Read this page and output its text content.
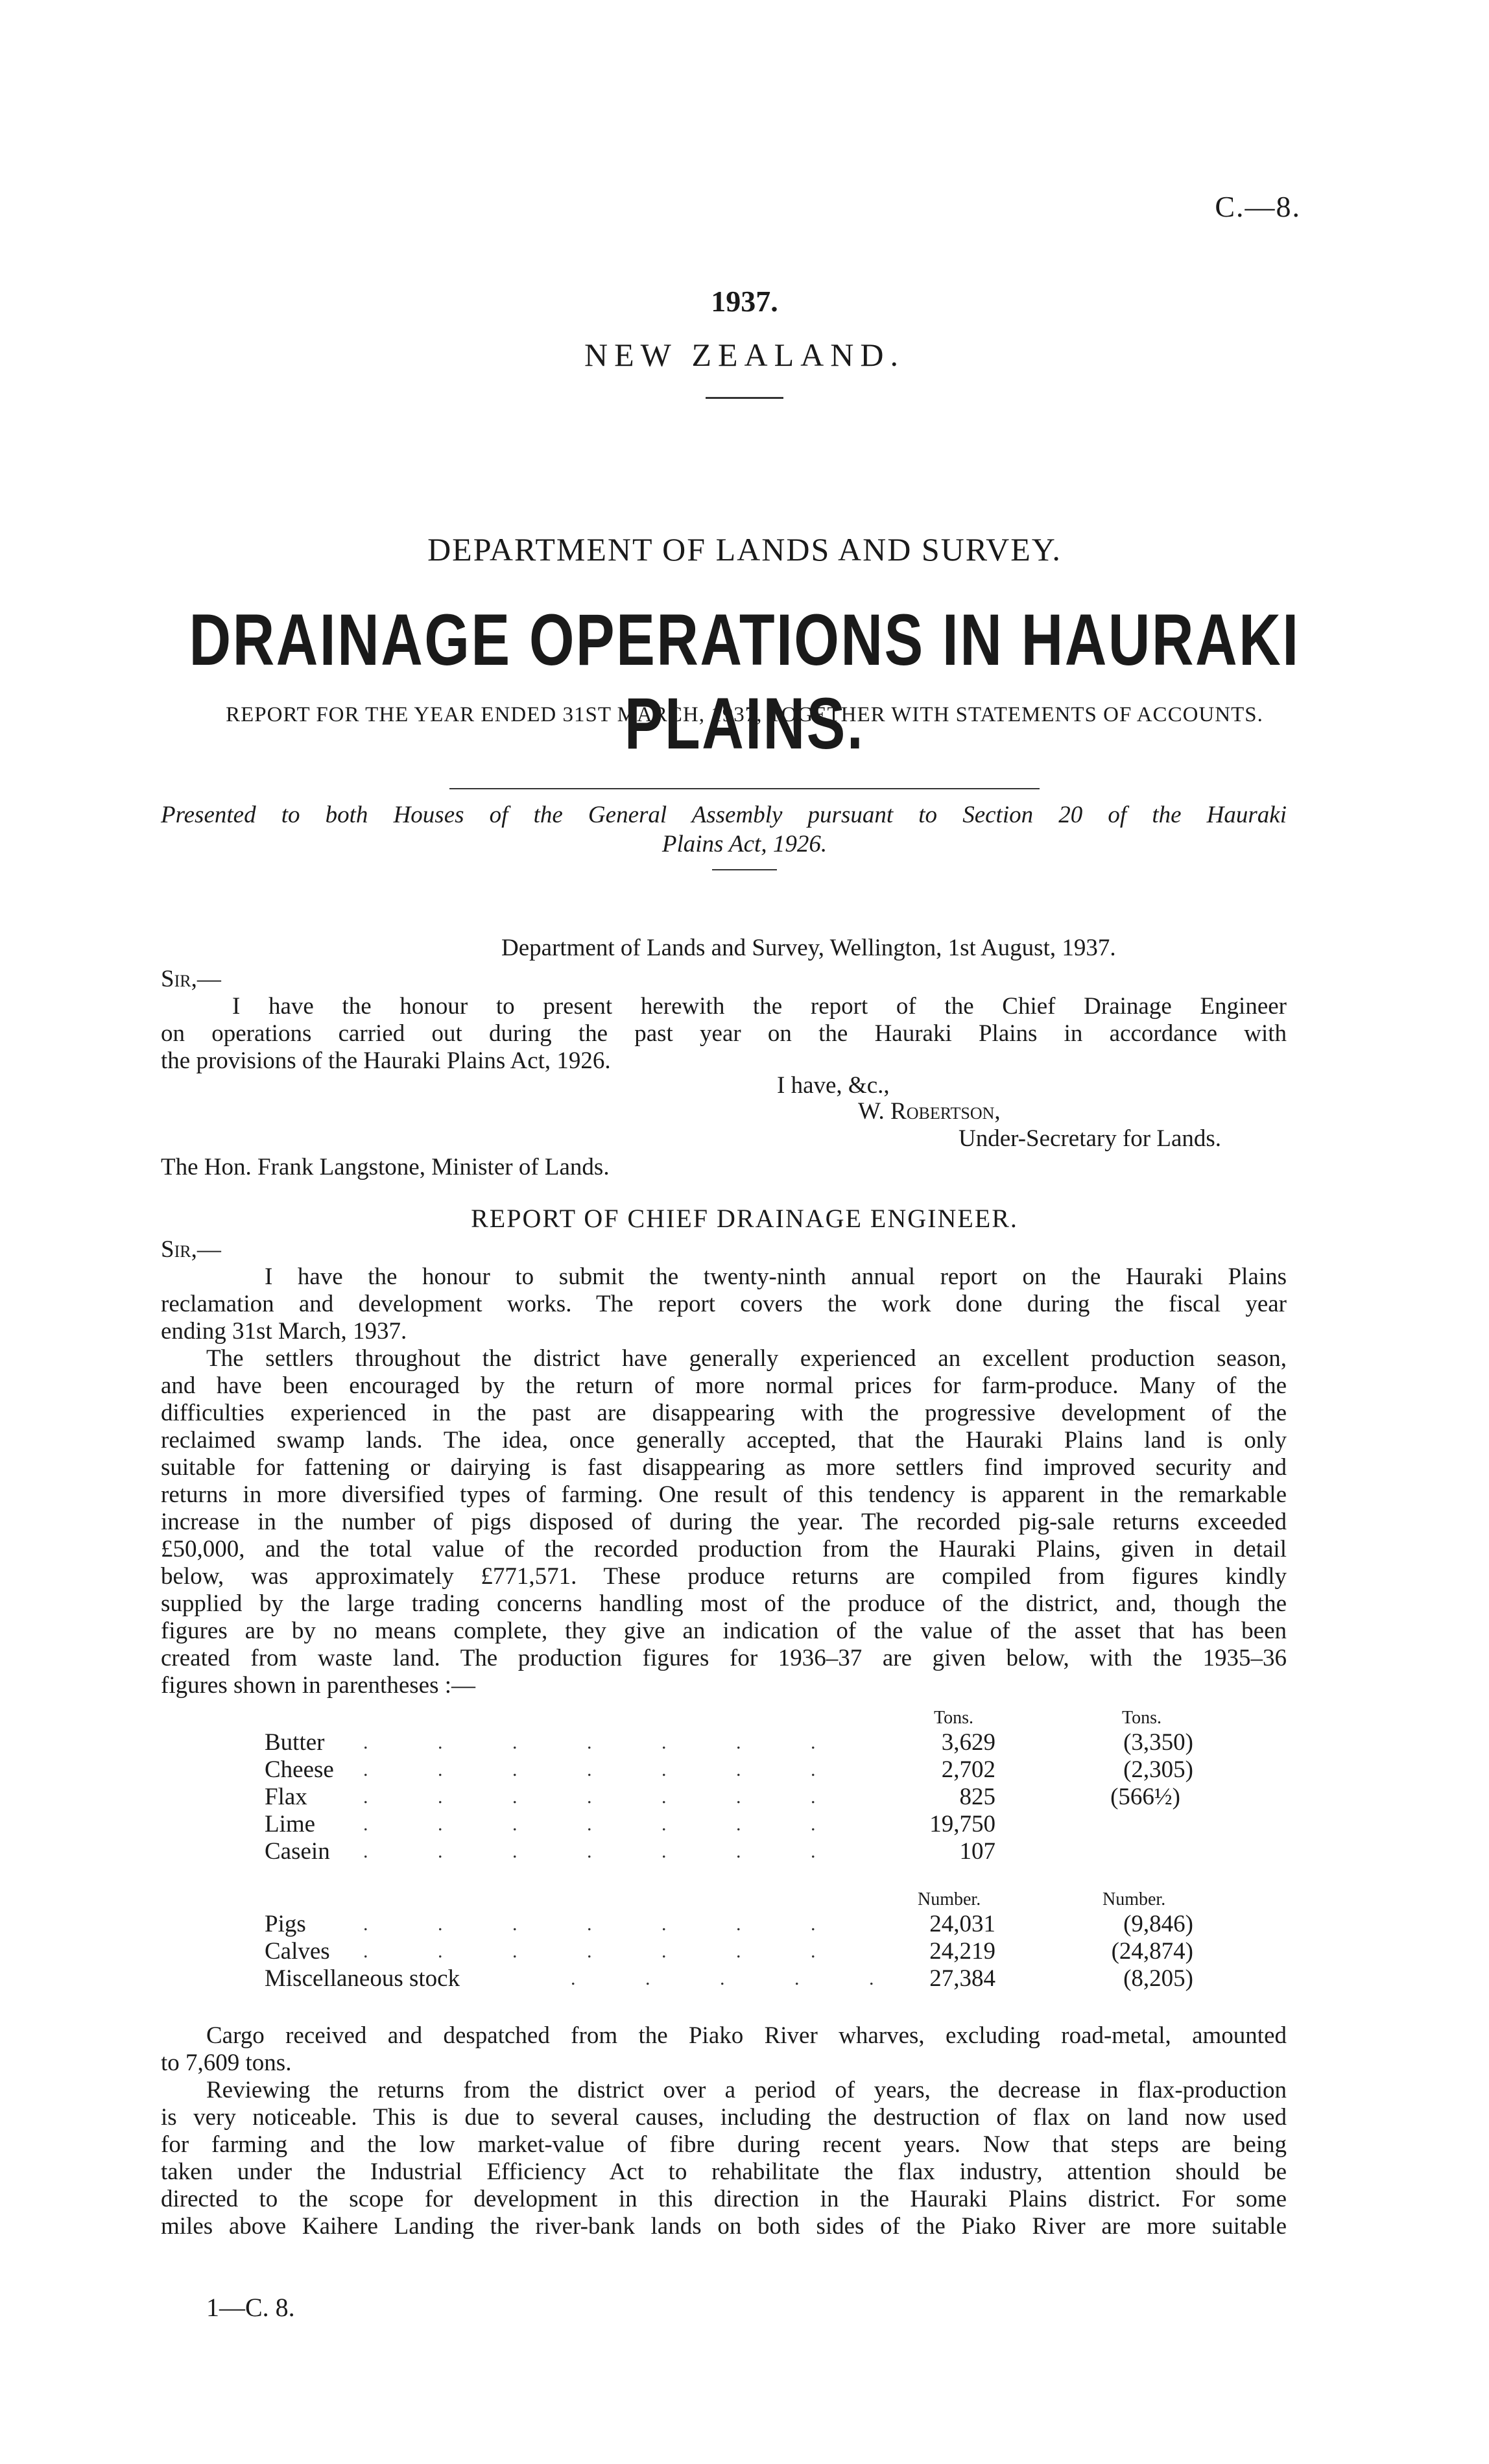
C.—8.
1937.
NEW ZEALAND.
DEPARTMENT OF LANDS AND SURVEY.
DRAINAGE OPERATIONS IN HAURAKI PLAINS.
REPORT FOR THE YEAR ENDED 31ST MARCH, 1937, TOGETHER WITH STATEMENTS OF ACCOUNTS.
Presented to both Houses of the General Assembly pursuant to Section 20 of the Hauraki
Plains Act, 1926.
Department of Lands and Survey, Wellington, 1st August, 1937.
Sir,—
I have the honour to present herewith the report of the Chief Drainage Engineer
on operations carried out during the past year on the Hauraki Plains in accordance with
the provisions of the Hauraki Plains Act, 1926.
I have, &c.,
W. Robertson,
Under-Secretary for Lands.
The Hon. Frank Langstone, Minister of Lands.
REPORT OF CHIEF DRAINAGE ENGINEER.
Sir,—
I have the honour to submit the twenty-ninth annual report on the Hauraki Plains
reclamation and development works. The report covers the work done during the fiscal year
ending 31st March, 1937.
The settlers throughout the district have generally experienced an excellent production season,
and have been encouraged by the return of more normal prices for farm-produce. Many of the
difficulties experienced in the past are disappearing with the progressive development of the
reclaimed swamp lands. The idea, once generally accepted, that the Hauraki Plains land is only
suitable for fattening or dairying is fast disappearing as more settlers find improved security and
returns in more diversified types of farming. One result of this tendency is apparent in the remarkable
increase in the number of pigs disposed of during the year. The recorded pig-sale returns exceeded
£50,000, and the total value of the recorded production from the Hauraki Plains, given in detail
below, was approximately £771,571. These produce returns are compiled from figures kindly
supplied by the large trading concerns handling most of the produce of the district, and, though the
figures are by no means complete, they give an indication of the value of the asset that has been
created from waste land. The production figures for 1936–37 are given below, with the 1935–36
figures shown in parentheses :—
Tons.	Tons.
Butter . . . . . . .	3,629	(3,350)
Cheese . . . . . . .	2,702	(2,305)
Flax	. . . . . . .	825	(566½)
Lime . . . . . . .	19,750
Casein . . . . . . .	107
Number.	Number.
Pigs	. . . . . . .	24,031	(9,846)
Calves . . . . . . .	24,219	(24,874)
Miscellaneous stock	. . . . . 27,384	(8,205)
Cargo received and despatched from the Piako River wharves, excluding road-metal, amounted
to 7,609 tons.
Reviewing the returns from the district over a period of years, the decrease in flax-production
is very noticeable. This is due to several causes, including the destruction of flax on land now used
for farming and the low market-value of fibre during recent years. Now that steps are being
taken under the Industrial Efficiency Act to rehabilitate the flax industry, attention should be
directed to the scope for development in this direction in the Hauraki Plains district. For some
miles above Kaihere Landing the river-bank lands on both sides of the Piako River are more suitable
1—C. 8.
